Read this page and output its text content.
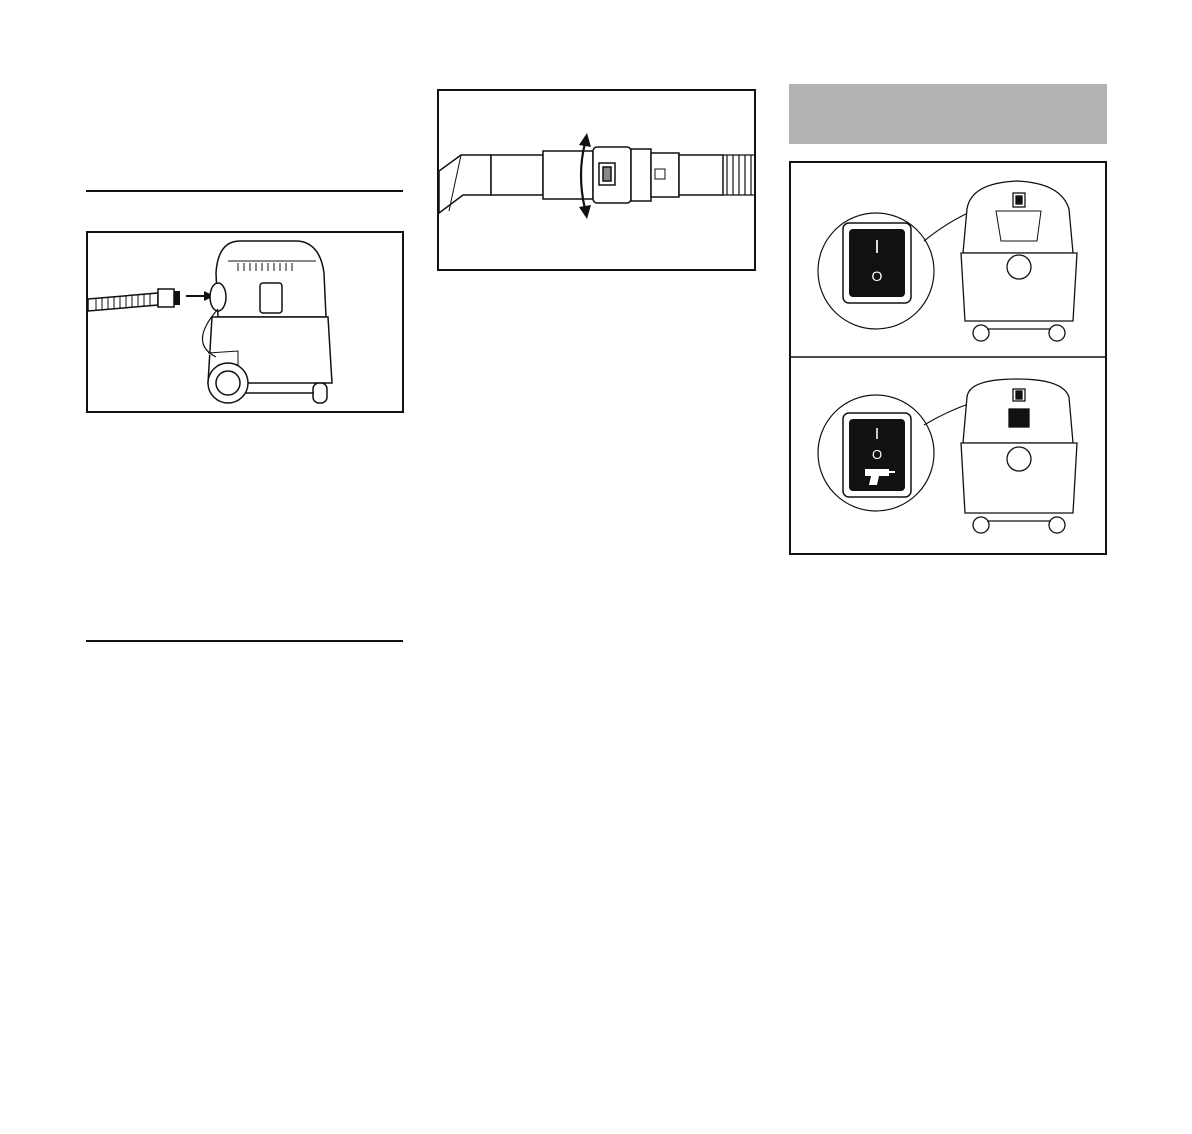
I
O
I
O
